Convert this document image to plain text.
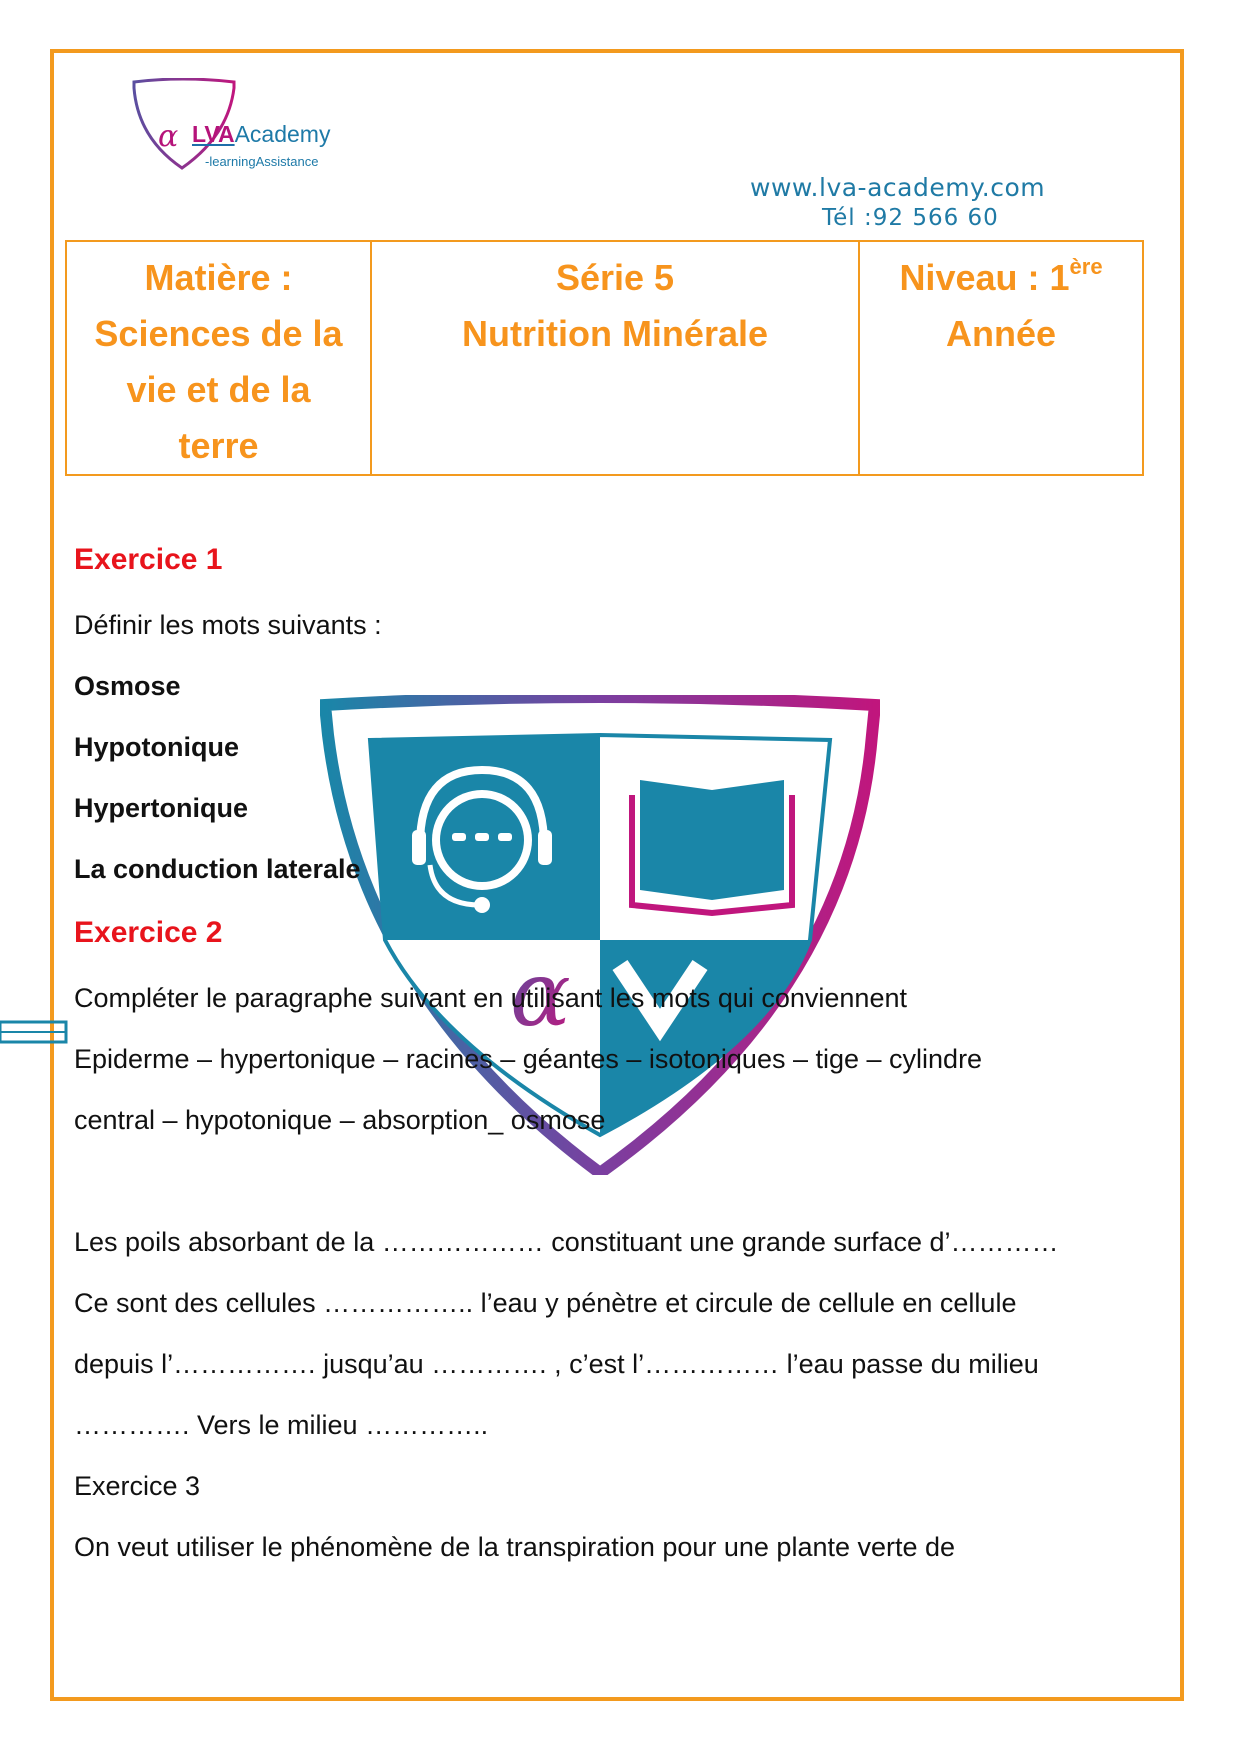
α LVAAcademy
-learningAssistance
www.lva-academy.com
Tél :92 566 60
Matière :
Sciences de la
vie et de la
terre

Série 5
Nutrition Minérale

Niveau : 1ère
Année
α
Exercice 1
Définir les mots suivants :
Osmose
Hypotonique
Hypertonique
La conduction laterale
Exercice 2
Compléter le paragraphe suivant en utilisant les mots qui conviennent
Epiderme – hypertonique – racines – géantes – isotoniques – tige – cylindre
central – hypotonique – absorption_ osmose
Les poils absorbant de la ……………… constituant une grande surface d’…………
Ce sont des cellules …………….. l’eau y pénètre et circule de cellule en cellule
depuis l’……………. jusqu’au …………. , c’est l’…………… l’eau passe du milieu
…………. Vers le milieu …………..
Exercice 3
On veut utiliser le phénomène de la transpiration pour une plante verte de
